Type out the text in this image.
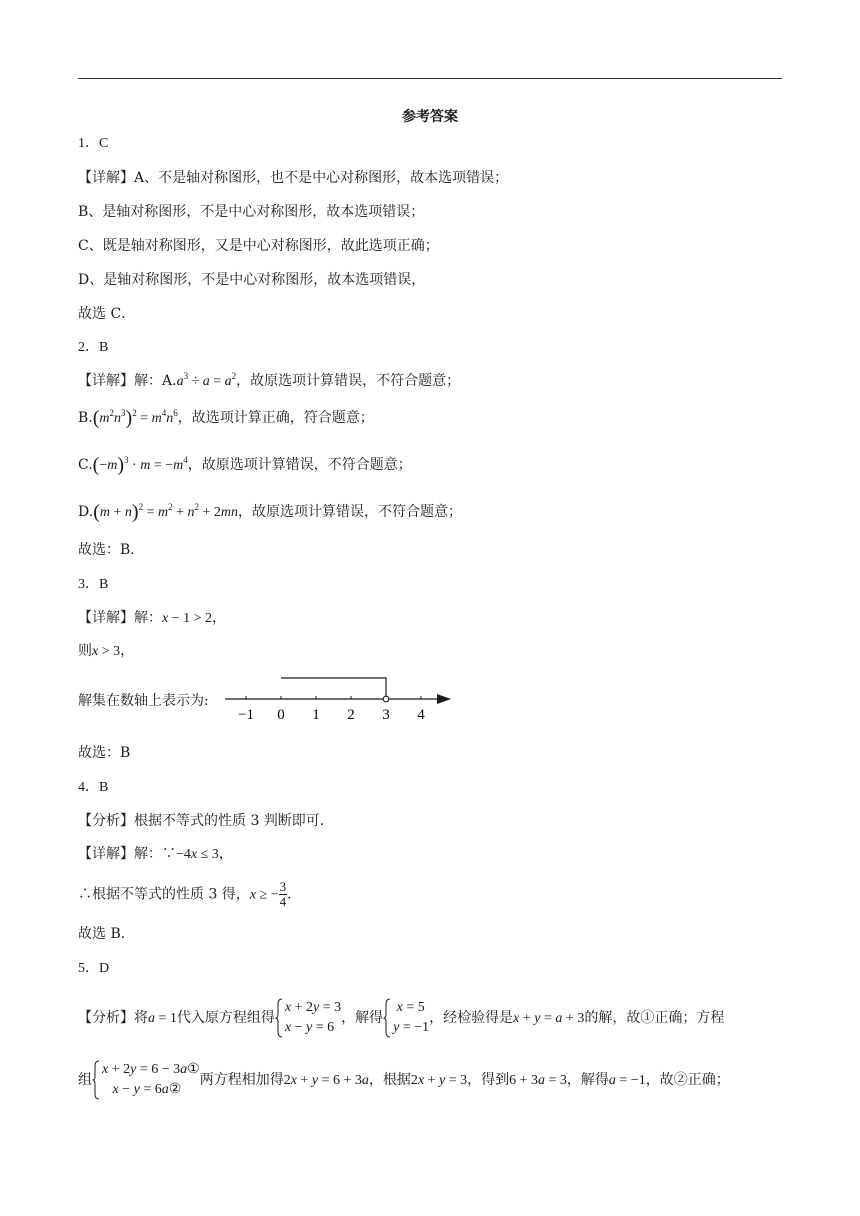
参考答案
1．C
【详解】A、不是轴对称图形，也不是中心对称图形，故本选项错误；
B、是轴对称图形，不是中心对称图形，故本选项错误；
C、既是轴对称图形，又是中心对称图形，故此选项正确；
D、是轴对称图形，不是中心对称图形，故本选项错误，
故选 C．
2．B
【详解】解：$A.a^3 \div a = a^2$，故原选项计算错误，不符合题意；
$B.(m^2n^3)^2 = m^4n^6$，故选项计算正确，符合题意；
$C.(-m)^3 \cdot m = -m^4$，故原选项计算错误，不符合题意；
$D.(m + n)^2 = m^2 + n^2 + 2mn$，故原选项计算错误，不符合题意；
故选：B．
3．B
【详解】解：x − 1 > 2，
则x > 3，
解集在数轴上表示为:
−1 0 1 2 3 4
故选：B
4．B
【分析】根据不等式的性质 3 判断即可．
【详解】解：∵−4x ≤ 3，
∴根据不等式的性质 3 得，x ≥ − $\frac{3}{4}$ ．
故选 B．
5．D
【分析】将a = 1代入原方程组得
x + 2y = 3
x − y = 6
，解得
x = 5
y = −1
，经检验得是x + y = a + 3的解，故①正确；方程
组
x + 2y = 6 − 3a①
x − y = 6a②
两方程相加得2x + y = 6 + 3a，根据2x + y = 3，得到6 + 3a = 3，解得a = −1，故②正确；
